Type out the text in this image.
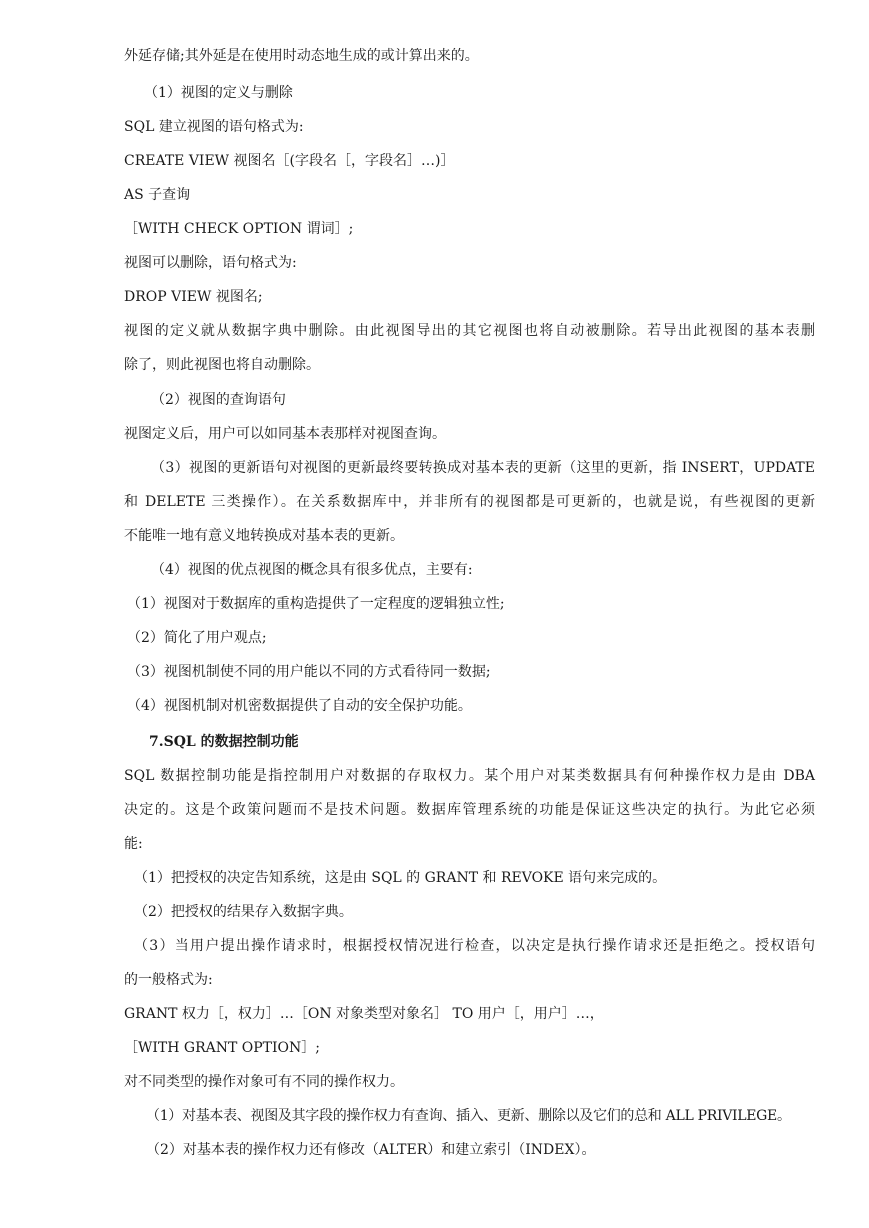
外延存储;其外延是在使用时动态地生成的或计算出来的。
（1）视图的定义与删除
SQL 建立视图的语句格式为:
CREATE VIEW 视图名［(字段名［，字段名］…)］
AS 子查询
［WITH CHECK OPTION 谓词］;
视图可以删除，语句格式为:
DROP VIEW 视图名;
视图的定义就从数据字典中删除。由此视图导出的其它视图也将自动被删除。若导出此视图的基本表删
除了，则此视图也将自动删除。
（2）视图的查询语句
视图定义后，用户可以如同基本表那样对视图查询。
（3）视图的更新语句对视图的更新最终要转换成对基本表的更新（这里的更新，指 INSERT，UPDATE
和 DELETE 三类操作）。在关系数据库中，并非所有的视图都是可更新的，也就是说，有些视图的更新
不能唯一地有意义地转换成对基本表的更新。
（4）视图的优点视图的概念具有很多优点，主要有:
（1）视图对于数据库的重构造提供了一定程度的逻辑独立性;
（2）简化了用户观点;
（3）视图机制使不同的用户能以不同的方式看待同一数据;
（4）视图机制对机密数据提供了自动的安全保护功能。
7.SQL 的数据控制功能
SQL 数据控制功能是指控制用户对数据的存取权力。某个用户对某类数据具有何种操作权力是由 DBA
决定的。这是个政策问题而不是技术问题。数据库管理系统的功能是保证这些决定的执行。为此它必须
能:
（1）把授权的决定告知系统，这是由 SQL 的 GRANT 和 REVOKE 语句来完成的。
（2）把授权的结果存入数据字典。
（3）当用户提出操作请求时，根据授权情况进行检查，以决定是执行操作请求还是拒绝之。授权语句
的一般格式为:
GRANT 权力［，权力］…［ON 对象类型对象名］ TO 用户［，用户］…，
［WITH GRANT OPTION］;
对不同类型的操作对象可有不同的操作权力。
（1）对基本表、视图及其字段的操作权力有查询、插入、更新、删除以及它们的总和 ALL PRIVILEGE。
（2）对基本表的操作权力还有修改（ALTER）和建立索引（INDEX）。
